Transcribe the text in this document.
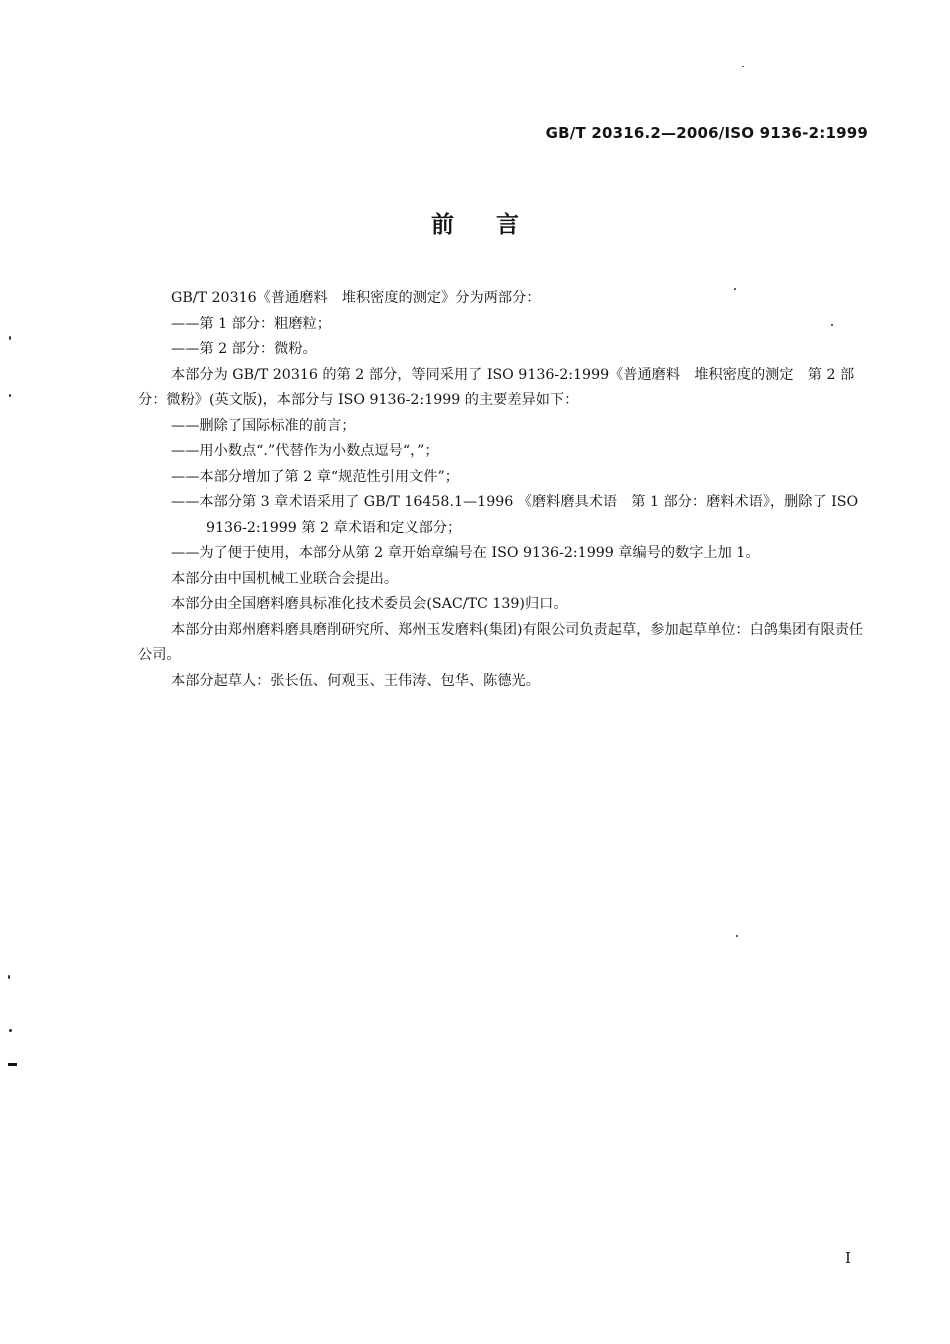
GB/T 20316.2—2006/ISO 9136-2:1999
前言

GB/T 20316《普通磨料　堆积密度的测定》分为两部分：

——第 1 部分：粗磨粒；

——第 2 部分：微粉。

本部分为 GB/T 20316 的第 2 部分，等同采用了 ISO 9136-2:1999《普通磨料　堆积密度的测定　第 2 部分：微粉》(英文版)，本部分与 ISO 9136-2:1999 的主要差异如下：

——删除了国际标准的前言；

——用小数点“.”代替作为小数点逗号“，”；

——本部分增加了第 2 章“规范性引用文件”；

——本部分第 3 章术语采用了 GB/T 16458.1—1996 《磨料磨具术语　第 1 部分：磨料术语》，删除了 ISO 9136-2:1999 第 2 章术语和定义部分；

——为了便于使用，本部分从第 2 章开始章编号在 ISO 9136-2:1999 章编号的数字上加 1。

本部分由中国机械工业联合会提出。

本部分由全国磨料磨具标准化技术委员会(SAC/TC 139)归口。

本部分由郑州磨料磨具磨削研究所、郑州玉发磨料(集团)有限公司负责起草，参加起草单位：白鸽集团有限责任公司。

本部分起草人：张长伍、何观玉、王伟涛、包华、陈德光。

I
